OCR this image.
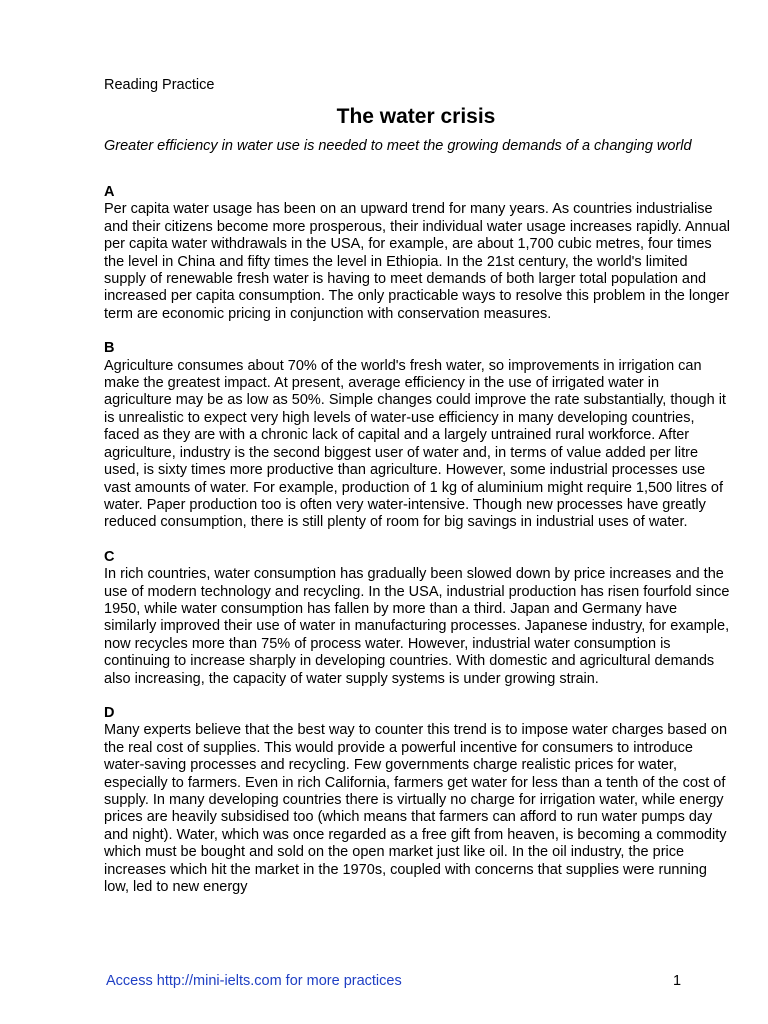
Reading Practice

The water crisis

Greater efficiency in water use is needed to meet the growing demands of a changing world

A

Per capita water usage has been on an upward trend for many years. As countries industrialise and their citizens become more prosperous, their individual water usage increases rapidly. Annual per capita water withdrawals in the USA, for example, are about 1,700 cubic metres, four times the level in China and fifty times the level in Ethiopia. In the 21st century, the world's limited supply of renewable fresh water is having to meet demands of both larger total population and increased per capita consumption. The only practicable ways to resolve this problem in the longer term are economic pricing in conjunction with conservation measures.

B

Agriculture consumes about 70% of the world's fresh water, so improvements in irrigation can make the greatest impact. At present, average efficiency in the use of irrigated water in agriculture may be as low as 50%. Simple changes could improve the rate substantially, though it is unrealistic to expect very high levels of water-use efficiency in many developing countries, faced as they are with a chronic lack of capital and a largely untrained rural workforce. After agriculture, industry is the second biggest user of water and, in terms of value added per litre used, is sixty times more productive than agriculture. However, some industrial processes use vast amounts of water. For example, production of 1 kg of aluminium might require 1,500 litres of water. Paper production too is often very water-intensive. Though new processes have greatly reduced consumption, there is still plenty of room for big savings in industrial uses of water.

C

In rich countries, water consumption has gradually been slowed down by price increases and the use of modern technology and recycling. In the USA, industrial production has risen fourfold since 1950, while water consumption has fallen by more than a third. Japan and Germany have similarly improved their use of water in manufacturing processes. Japanese industry, for example, now recycles more than 75% of process water. However, industrial water consumption is continuing to increase sharply in developing countries. With domestic and agricultural demands also increasing, the capacity of water supply systems is under growing strain.

D

Many experts believe that the best way to counter this trend is to impose water charges based on the real cost of supplies. This would provide a powerful incentive for consumers to introduce water-saving processes and recycling. Few governments charge realistic prices for water, especially to farmers. Even in rich California, farmers get water for less than a tenth of the cost of supply. In many developing countries there is virtually no charge for irrigation water, while energy prices are heavily subsidised too (which means that farmers can afford to run water pumps day and night). Water, which was once regarded as a free gift from heaven, is becoming a commodity which must be bought and sold on the open market just like oil. In the oil industry, the price increases which hit the market in the 1970s, coupled with concerns that supplies were running low, led to new energy

Access http://mini-ielts.com for more practices	1
